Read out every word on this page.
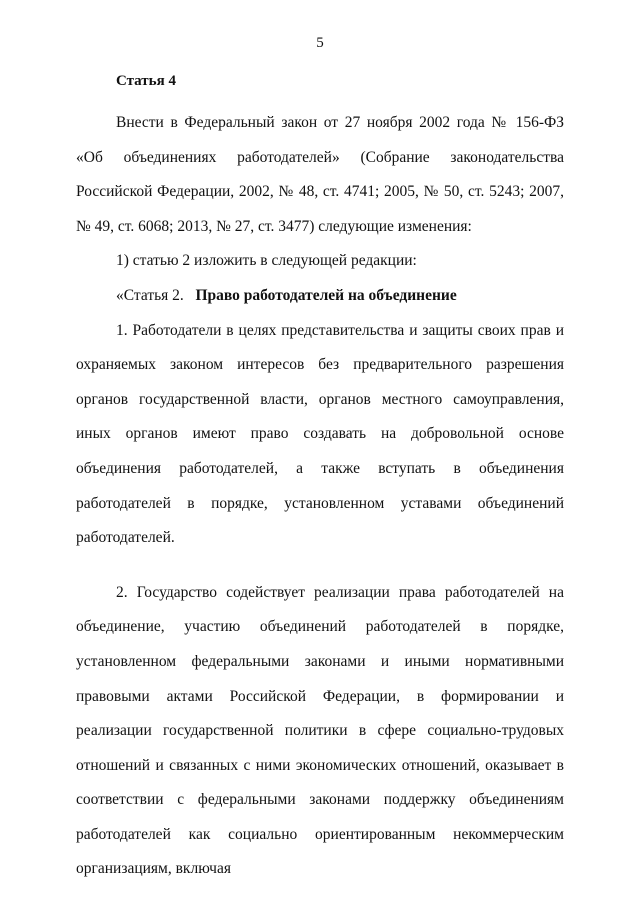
5
Статья 4

Внести в Федеральный закон от 27 ноября 2002 года № 156-ФЗ «Об объединениях работодателей» (Собрание законодательства Российской Федерации, 2002, № 48, ст. 4741; 2005, № 50, ст. 5243; 2007, № 49, ст. 6068; 2013, № 27, ст. 3477) следующие изменения:

1) статью 2 изложить в следующей редакции:

«Статья 2.   Право работодателей на объединение

1. Работодатели в целях представительства и защиты своих прав и охраняемых законом интересов без предварительного разрешения органов государственной власти, органов местного самоуправления, иных органов имеют право создавать на добровольной основе объединения работодателей, а также вступать в объединения работодателей в порядке, установленном уставами объединений работодателей.

2. Государство содействует реализации права работодателей на объединение, участию объединений работодателей в порядке, установленном федеральными законами и иными нормативными правовыми актами Российской Федерации, в формировании и реализации государственной политики в сфере социально-трудовых отношений и связанных с ними экономических отношений, оказывает в соответствии с федеральными законами поддержку объединениям работодателей как социально ориентированным некоммерческим организациям, включая
